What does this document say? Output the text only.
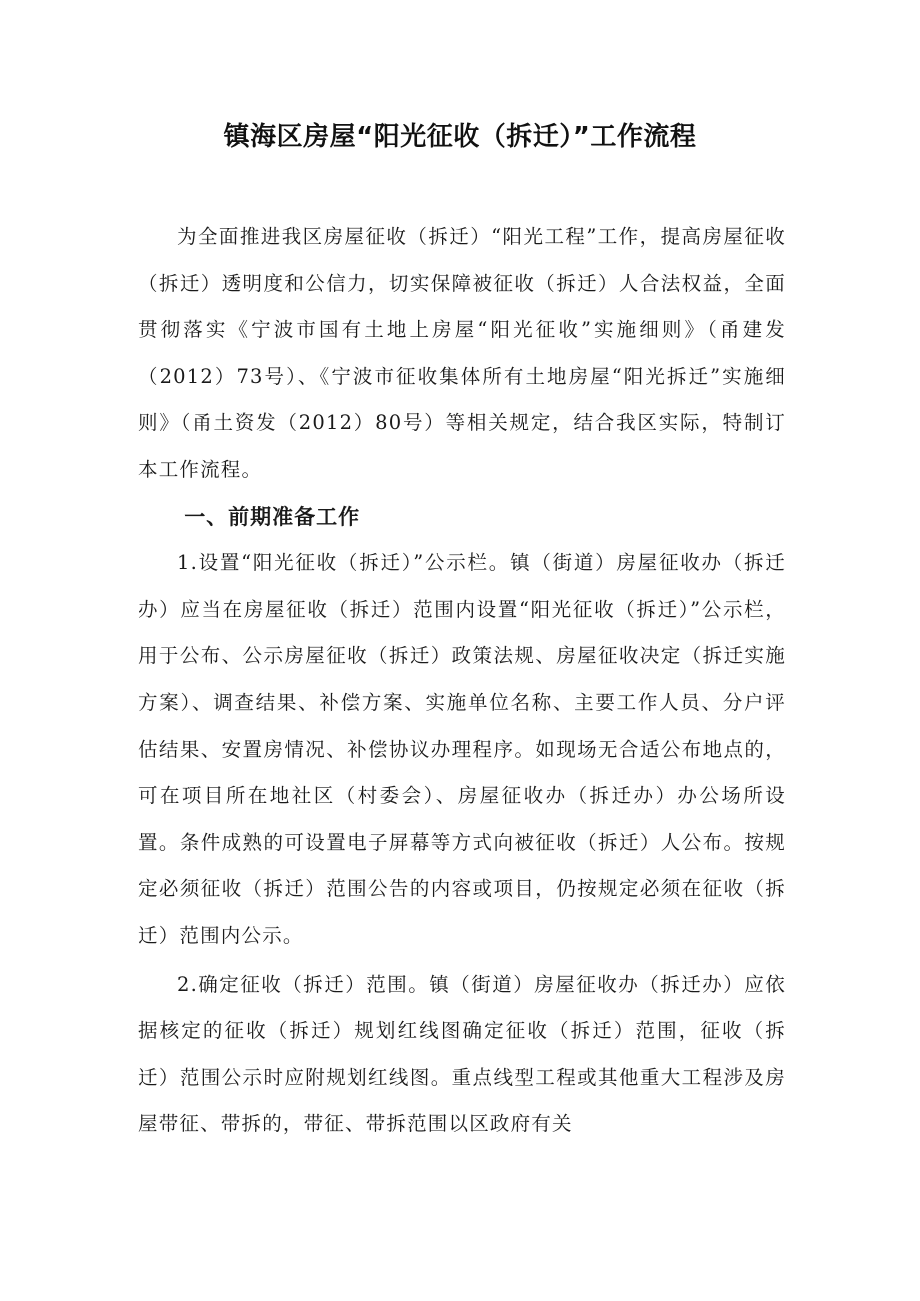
镇海区房屋“阳光征收（拆迁）”工作流程

为全面推进我区房屋征收（拆迁）“阳光工程”工作，提高房屋征收（拆迁）透明度和公信力，切实保障被征收（拆迁）人合法权益，全面贯彻落实《宁波市国有土地上房屋“阳光征收”实施细则》（甬建发（2012）73号）、《宁波市征收集体所有土地房屋“阳光拆迁”实施细则》（甬土资发（2012）80号）等相关规定，结合我区实际，特制订本工作流程。

一、前期准备工作

1.设置“阳光征收（拆迁）”公示栏。镇（街道）房屋征收办（拆迁办）应当在房屋征收（拆迁）范围内设置“阳光征收（拆迁）”公示栏，用于公布、公示房屋征收（拆迁）政策法规、房屋征收决定（拆迁实施方案）、调查结果、补偿方案、实施单位名称、主要工作人员、分户评估结果、安置房情况、补偿协议办理程序。如现场无合适公布地点的，可在项目所在地社区（村委会）、房屋征收办（拆迁办）办公场所设置。条件成熟的可设置电子屏幕等方式向被征收（拆迁）人公布。按规定必须征收（拆迁）范围公告的内容或项目，仍按规定必须在征收（拆迁）范围内公示。

2.确定征收（拆迁）范围。镇（街道）房屋征收办（拆迁办）应依据核定的征收（拆迁）规划红线图确定征收（拆迁）范围，征收（拆迁）范围公示时应附规划红线图。重点线型工程或其他重大工程涉及房屋带征、带拆的，带征、带拆范围以区政府有关
